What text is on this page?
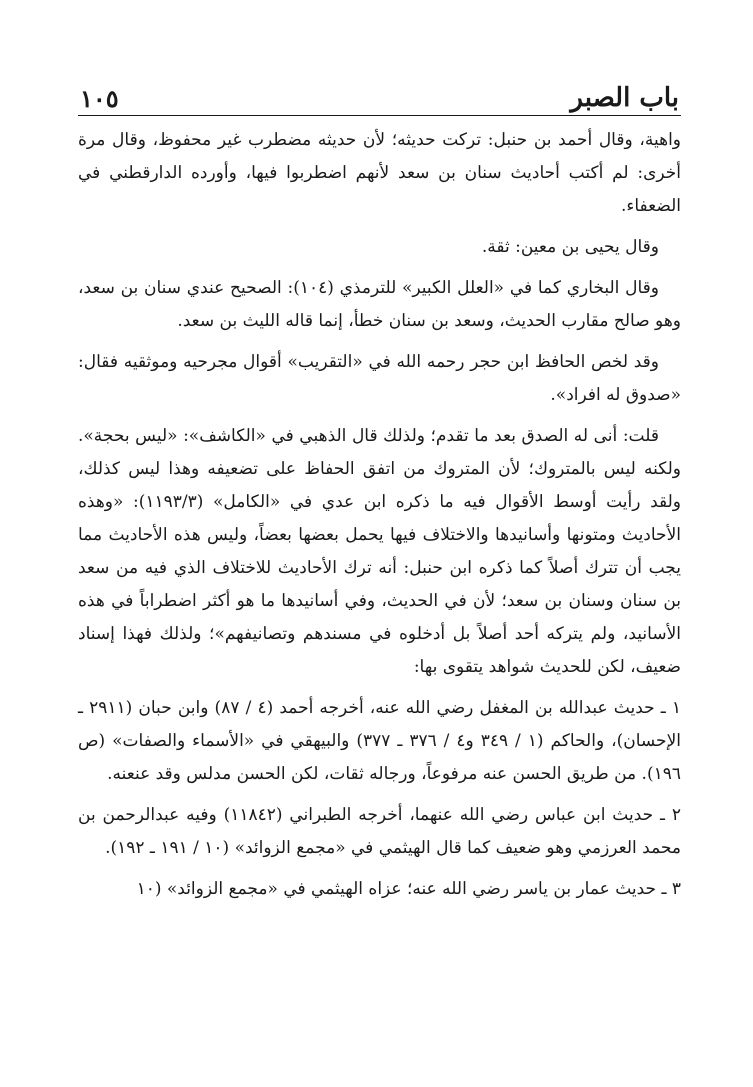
باب الصبر
١٠٥

واهية، وقال أحمد بن حنبل: تركت حديثه؛ لأن حديثه مضطرب غير محفوظ، وقال مرة أخرى: لم أكتب أحاديث سنان بن سعد لأنهم اضطربوا فيها، وأورده الدارقطني في الضعفاء.

وقال يحيى بن معين: ثقة.

وقال البخاري كما في «العلل الكبير» للترمذي (١٠٤): الصحيح عندي سنان بن سعد، وهو صالح مقارب الحديث، وسعد بن سنان خطأ، إنما قاله الليث بن سعد.

وقد لخص الحافظ ابن حجر رحمه الله في «التقريب» أقوال مجرحيه وموثقيه فقال: «صدوق له افراد».

قلت: أنى له الصدق بعد ما تقدم؛ ولذلك قال الذهبي في «الكاشف»: «ليس بحجة». ولكنه ليس بالمتروك؛ لأن المتروك من اتفق الحفاظ على تضعيفه وهذا ليس كذلك، ولقد رأيت أوسط الأقوال فيه ما ذكره ابن عدي في «الكامل» (١١٩٣/٣): «وهذه الأحاديث ومتونها وأسانيدها والاختلاف فيها يحمل بعضها بعضاً، وليس هذه الأحاديث مما يجب أن تترك أصلاً كما ذكره ابن حنبل: أنه ترك الأحاديث للاختلاف الذي فيه من سعد بن سنان وسنان بن سعد؛ لأن في الحديث، وفي أسانيدها ما هو أكثر اضطراباً في هذه الأسانيد، ولم يتركه أحد أصلاً بل أدخلوه في مسندهم وتصانيفهم»؛ ولذلك فهذا إسناد ضعيف، لكن للحديث شواهد يتقوى بها:

١ ـ حديث عبدالله بن المغفل رضي الله عنه، أخرجه أحمد (٤ / ٨٧) وابن حبان (٢٩١١ ـ الإحسان)، والحاكم (١ / ٣٤٩ و٤ / ٣٧٦ ـ ٣٧٧) والبيهقي في «الأسماء والصفات» (ص ١٩٦). من طريق الحسن عنه مرفوعاً، ورجاله ثقات، لكن الحسن مدلس وقد عنعنه.

٢ ـ حديث ابن عباس رضي الله عنهما، أخرجه الطبراني (١١٨٤٢) وفيه عبدالرحمن بن محمد العرزمي وهو ضعيف كما قال الهيثمي في «مجمع الزوائد» (١٠ / ١٩١ ـ ١٩٢).

٣ ـ حديث عمار بن ياسر رضي الله عنه؛ عزاه الهيثمي في «مجمع الزوائد» (١٠
